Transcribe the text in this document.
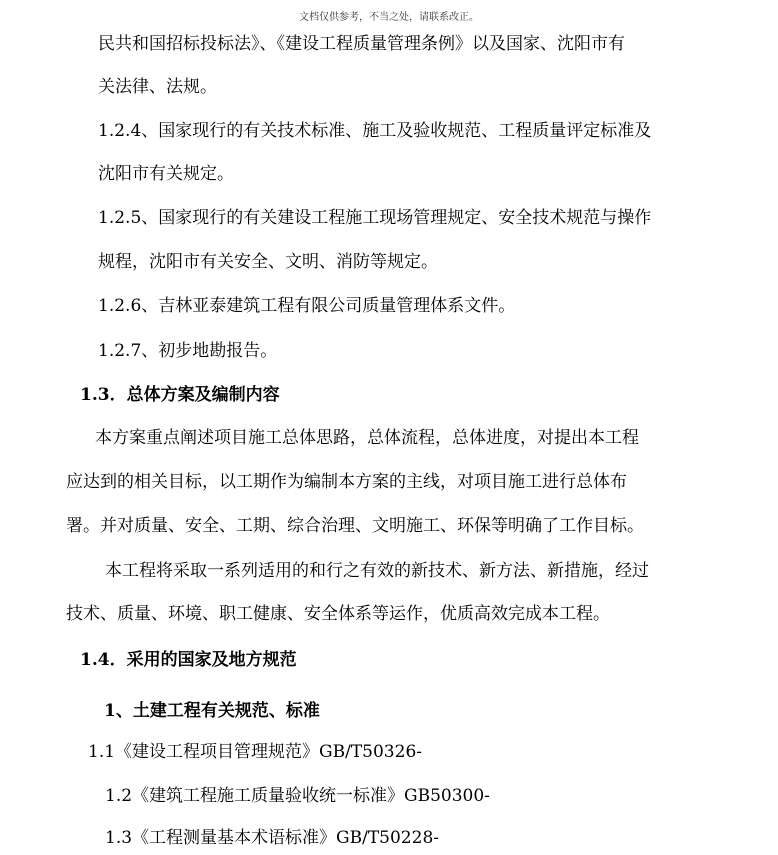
文档仅供参考，不当之处，请联系改正。
民共和国招标投标法》、《建设工程质量管理条例》以及国家、沈阳市有
关法律、法规。
1.2.4、国家现行的有关技术标准、施工及验收规范、工程质量评定标准及
沈阳市有关规定。
1.2.5、国家现行的有关建设工程施工现场管理规定、安全技术规范与操作
规程，沈阳市有关安全、文明、消防等规定。
1.2.6、吉林亚泰建筑工程有限公司质量管理体系文件。
1.2.7、初步地勘报告。
1.3．总体方案及编制内容
本方案重点阐述项目施工总体思路，总体流程，总体进度，对提出本工程
应达到的相关目标，以工期作为编制本方案的主线，对项目施工进行总体布
署。并对质量、安全、工期、综合治理、文明施工、环保等明确了工作目标。
本工程将采取一系列适用的和行之有效的新技术、新方法、新措施，经过
技术、质量、环境、职工健康、安全体系等运作，优质高效完成本工程。
1.4．采用的国家及地方规范
1、土建工程有关规范、标准
1.1《建设工程项目管理规范》GB/T50326-
1.2《建筑工程施工质量验收统一标准》GB50300-
1.3《工程测量基本术语标准》GB/T50228-
